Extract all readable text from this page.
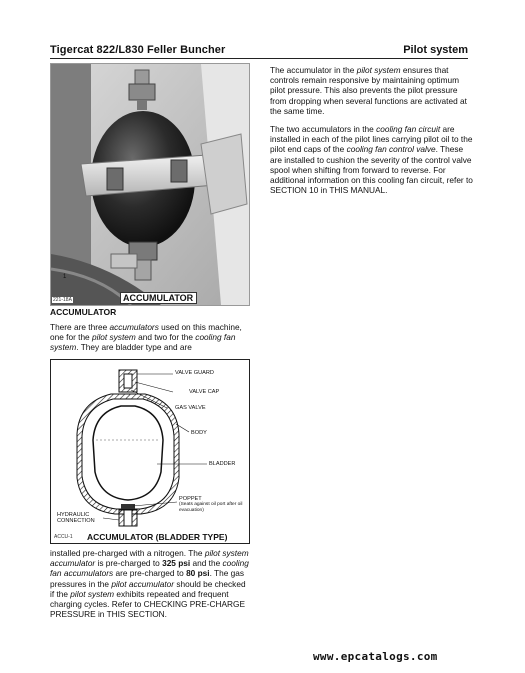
Tigercat 822/L830 Feller Buncher	Pilot system
1
221-18A	ACCUMULATOR
ACCUMULATOR
There are three accumulators used on this machine, one for the pilot system and two for the cooling fan system. They are bladder type and are
VALVE GUARD
VALVE CAP
GAS VALVE
BODY
BLADDER
POPPET
(Seats against oil port after oil evacuation)
HYDRAULIC CONNECTION
ACCU-1 ACCUMULATOR (BLADDER TYPE)
installed pre-charged with a nitrogen. The pilot system accumulator is pre-charged to 325 psi and the cooling fan accumulators are pre-charged to 80 psi. The gas pressures in the pilot accumulator should be checked if the pilot system exhibits repeated and frequent charging cycles. Refer to CHECKING PRE-CHARGE PRESSURE in THIS SECTION.
The accumulator in the pilot system ensures that controls remain responsive by maintaining optimum pilot pressure. This also prevents the pilot pressure from dropping when several functions are activated at the same time.
The two accumulators in the cooling fan circuit are installed in each of the pilot lines carrying pilot oil to the pilot end caps of the cooling fan control valve. These are installed to cushion the severity of the control valve spool when shifting from forward to reverse. For additional information on this cooling fan circuit, refer to SECTION 10 in THIS MANUAL.
www.epcatalogs.com
